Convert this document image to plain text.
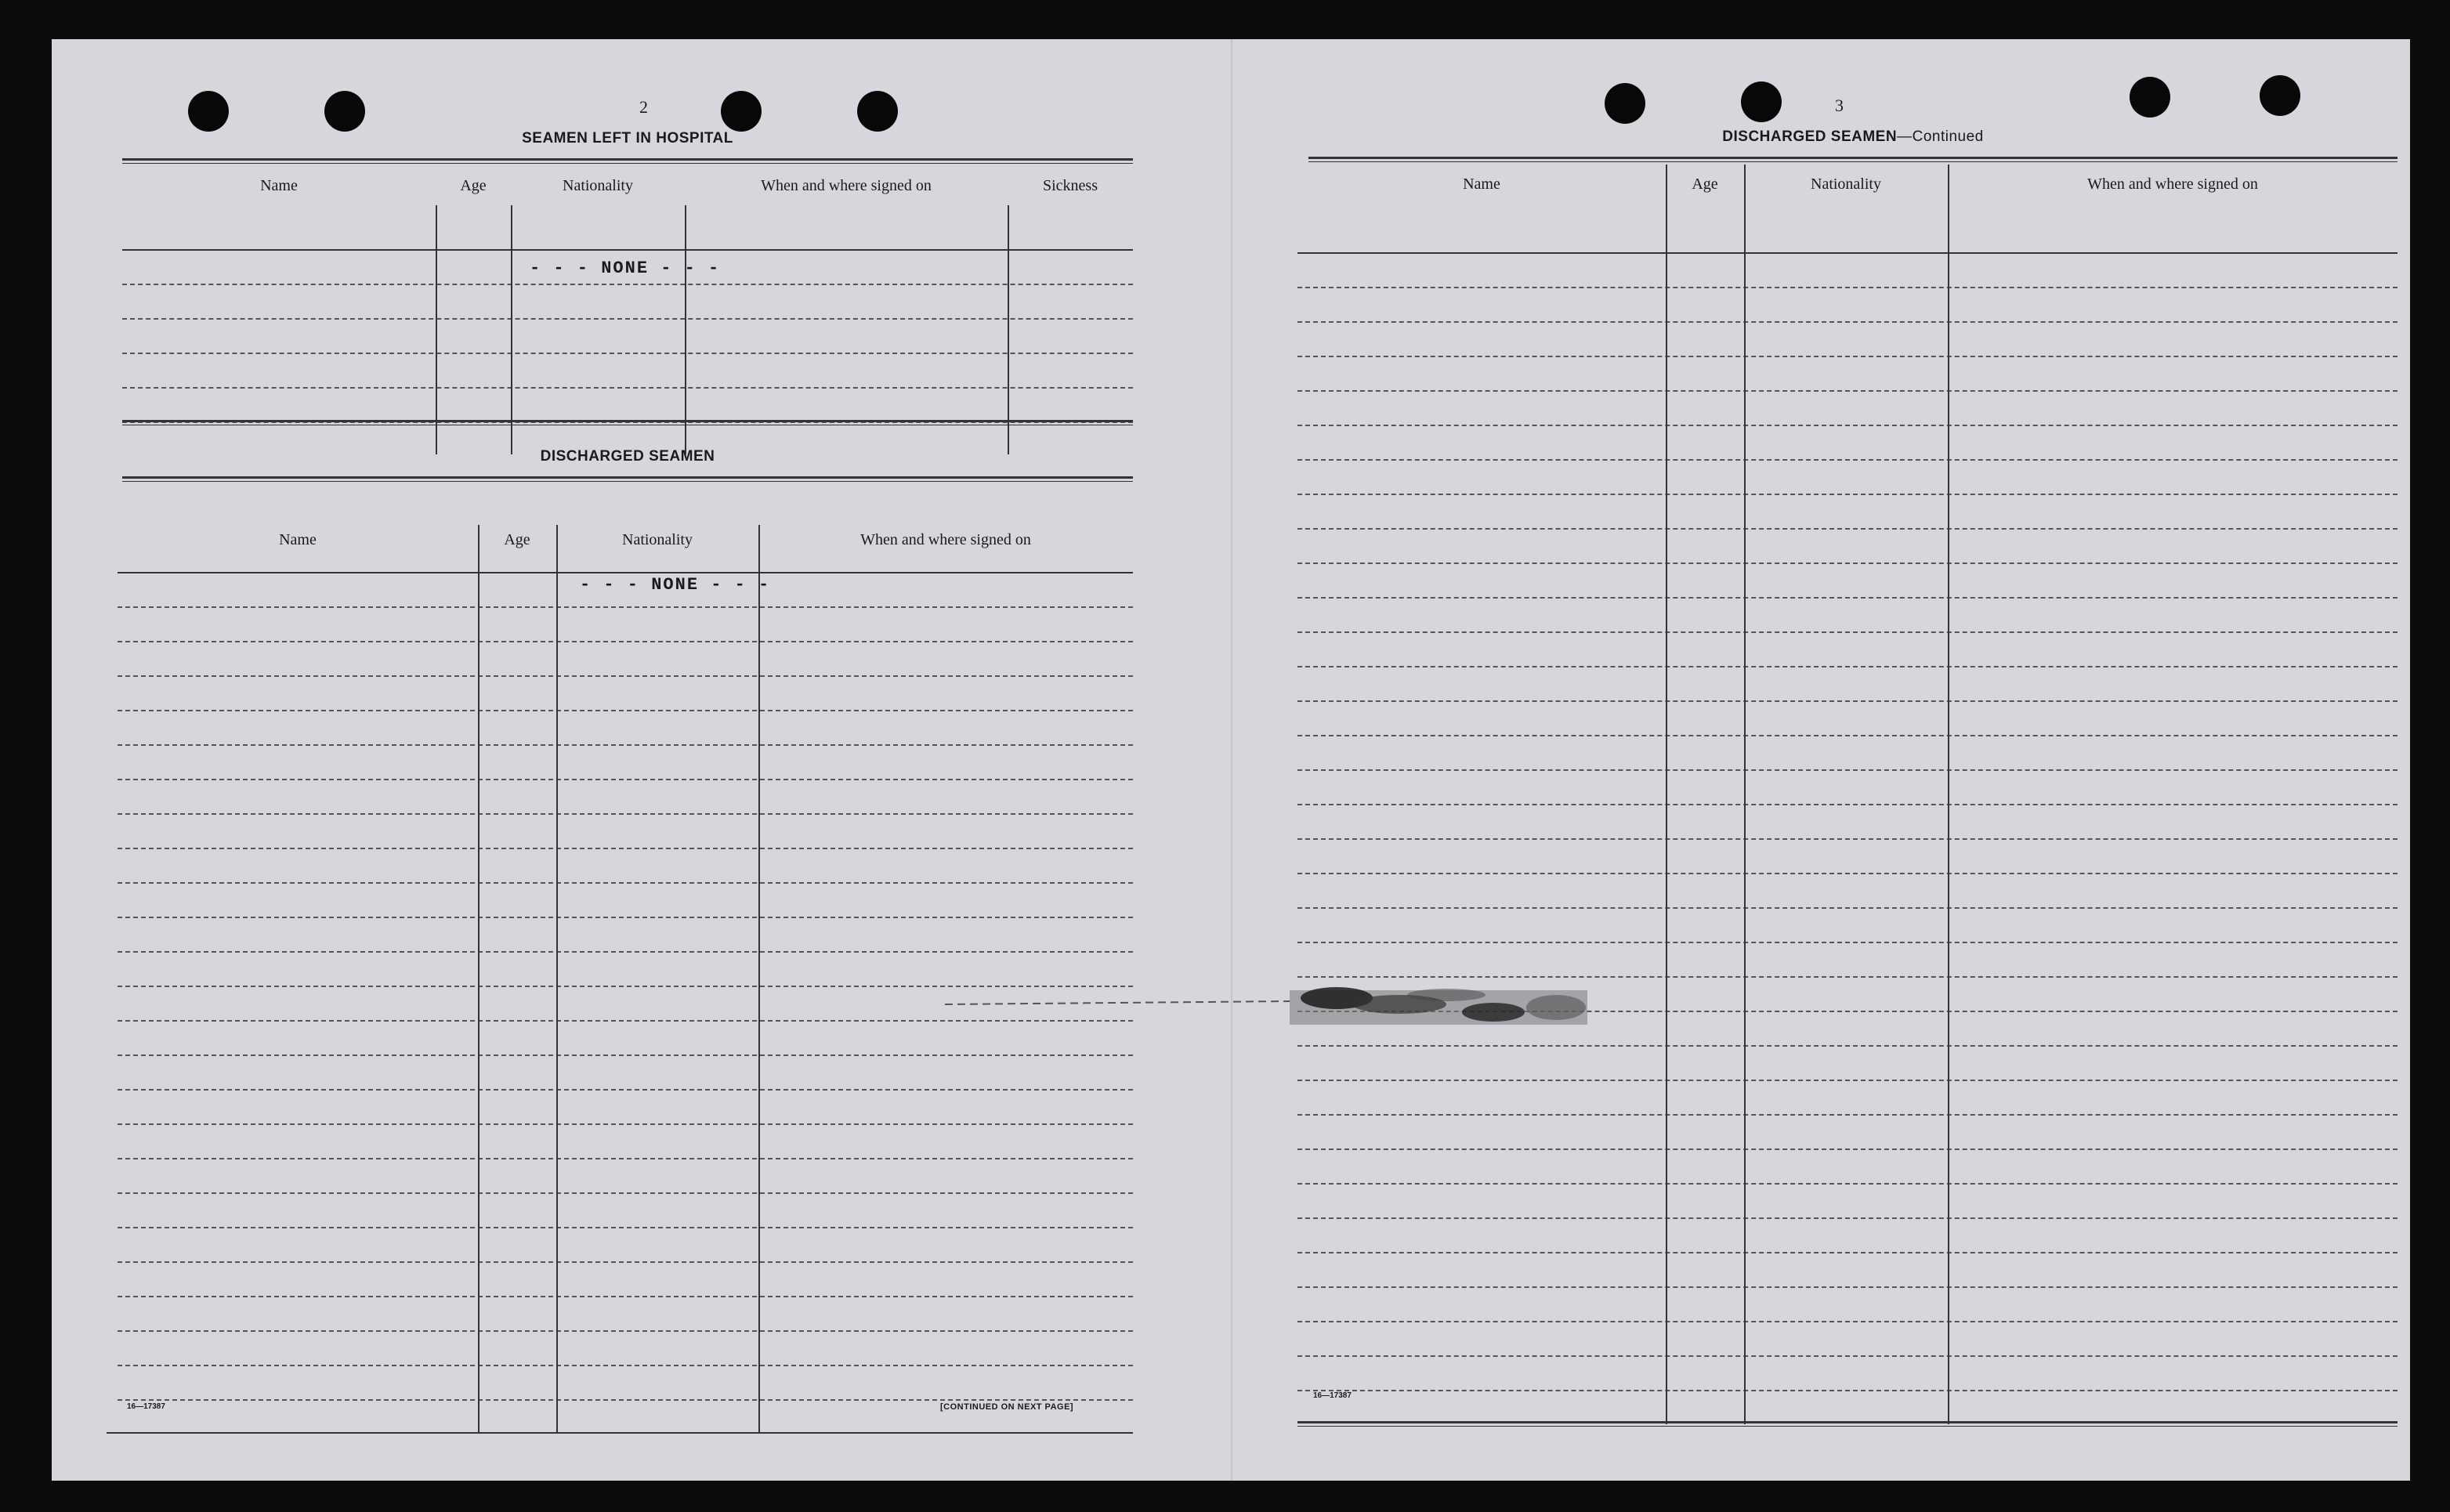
2
SEAMEN LEFT IN HOSPITAL
Name	Age	Nationality	When and where signed on	Sickness
- - - NONE - - -
DISCHARGED SEAMEN
Name	Age	Nationality	When and where signed on
- - - NONE - - -
16—17387	[CONTINUED ON NEXT PAGE]
3
DISCHARGED SEAMEN—Continued
Name	Age	Nationality	When and where signed on
16—17387
